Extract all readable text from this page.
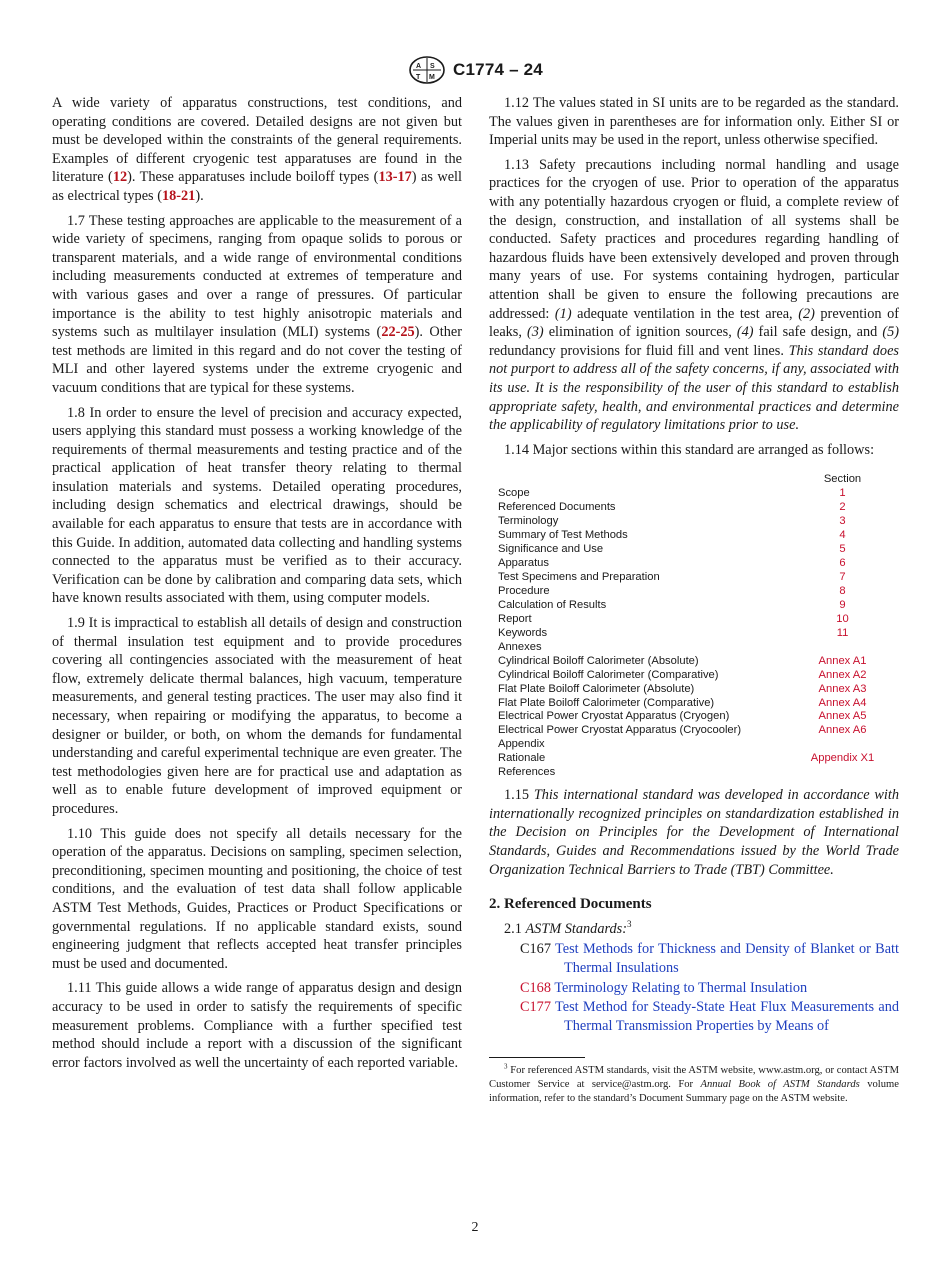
A S
T M C1774 – 24

A wide variety of apparatus constructions, test conditions, and operating conditions are covered. Detailed designs are not given but must be developed within the constraints of the general requirements. Examples of different cryogenic test apparatuses are found in the literature (12). These apparatuses include boiloff types (13-17) as well as electrical types (18-21).

1.7 These testing approaches are applicable to the measurement of a wide variety of specimens, ranging from opaque solids to porous or transparent materials, and a wide range of environmental conditions including measurements conducted at extremes of temperature and with various gases and over a range of pressures. Of particular importance is the ability to test highly anisotropic materials and systems such as multilayer insulation (MLI) systems (22-25). Other test methods are limited in this regard and do not cover the testing of MLI and other layered systems under the extreme cryogenic and vacuum conditions that are typical for these systems.

1.8 In order to ensure the level of precision and accuracy expected, users applying this standard must possess a working knowledge of the requirements of thermal measurements and testing practice and of the practical application of heat transfer theory relating to thermal insulation materials and systems. Detailed operating procedures, including design schematics and electrical drawings, should be available for each apparatus to ensure that tests are in accordance with this Guide. In addition, automated data collecting and handling systems connected to the apparatus must be verified as to their accuracy. Verification can be done by calibration and comparing data sets, which have known results associated with them, using computer models.

1.9 It is impractical to establish all details of design and construction of thermal insulation test equipment and to provide procedures covering all contingencies associated with the measurement of heat flow, extremely delicate thermal balances, high vacuum, temperature measurements, and general testing practices. The user may also find it necessary, when repairing or modifying the apparatus, to become a designer or builder, or both, on whom the demands for fundamental understanding and careful experimental technique are even greater. The test methodologies given here are for practical use and adaptation as well as to enable future development of improved equipment or procedures.

1.10 This guide does not specify all details necessary for the operation of the apparatus. Decisions on sampling, specimen selection, preconditioning, specimen mounting and positioning, the choice of test conditions, and the evaluation of test data shall follow applicable ASTM Test Methods, Guides, Practices or Product Specifications or governmental regulations. If no applicable standard exists, sound engineering judgment that reflects accepted heat transfer principles must be used and documented.

1.11 This guide allows a wide range of apparatus design and design accuracy to be used in order to satisfy the requirements of specific measurement problems. Compliance with a further specified test method should include a report with a discussion of the significant error factors involved as well the uncertainty of each reported variable.

1.12 The values stated in SI units are to be regarded as the standard. The values given in parentheses are for information only. Either SI or Imperial units may be used in the report, unless otherwise specified.

1.13 Safety precautions including normal handling and usage practices for the cryogen of use. Prior to operation of the apparatus with any potentially hazardous cryogen or fluid, a complete review of the design, construction, and installation of all systems shall be conducted. Safety practices and procedures regarding handling of hazardous fluids have been extensively developed and proven through many years of use. For systems containing hydrogen, particular attention shall be given to ensure the following precautions are addressed: (1) adequate ventilation in the test area, (2) prevention of leaks, (3) elimination of ignition sources, (4) fail safe design, and (5) redundancy provisions for fluid fill and vent lines. This standard does not purport to address all of the safety concerns, if any, associated with its use. It is the responsibility of the user of this standard to establish appropriate safety, health, and environmental practices and determine the applicability of regulatory limitations prior to use.

1.14 Major sections within this standard are arranged as follows:

Section
Scope	1
Referenced Documents	2
Terminology	3
Summary of Test Methods	4
Significance and Use	5
Apparatus	6
Test Specimens and Preparation	7
Procedure	8
Calculation of Results	9
Report	10
Keywords	11
Annexes
Cylindrical Boiloff Calorimeter (Absolute)	Annex A1
Cylindrical Boiloff Calorimeter (Comparative)	Annex A2
Flat Plate Boiloff Calorimeter (Absolute)	Annex A3
Flat Plate Boiloff Calorimeter (Comparative)	Annex A4
Electrical Power Cryostat Apparatus (Cryogen)	Annex A5
Electrical Power Cryostat Apparatus (Cryocooler)	Annex A6
Appendix
Rationale	Appendix X1
References

1.15 This international standard was developed in accordance with internationally recognized principles on standardization established in the Decision on Principles for the Development of International Standards, Guides and Recommendations issued by the World Trade Organization Technical Barriers to Trade (TBT) Committee.

2. Referenced Documents

2.1 ASTM Standards:$^3$

C167 Test Methods for Thickness and Density of Blanket or Batt Thermal Insulations

C168 Terminology Relating to Thermal Insulation

C177 Test Method for Steady-State Heat Flux Measurements and Thermal Transmission Properties by Means of

$^3$ For referenced ASTM standards, visit the ASTM website, www.astm.org, or contact ASTM Customer Service at service@astm.org. For Annual Book of ASTM Standards volume information, refer to the standard’s Document Summary page on the ASTM website.

2
